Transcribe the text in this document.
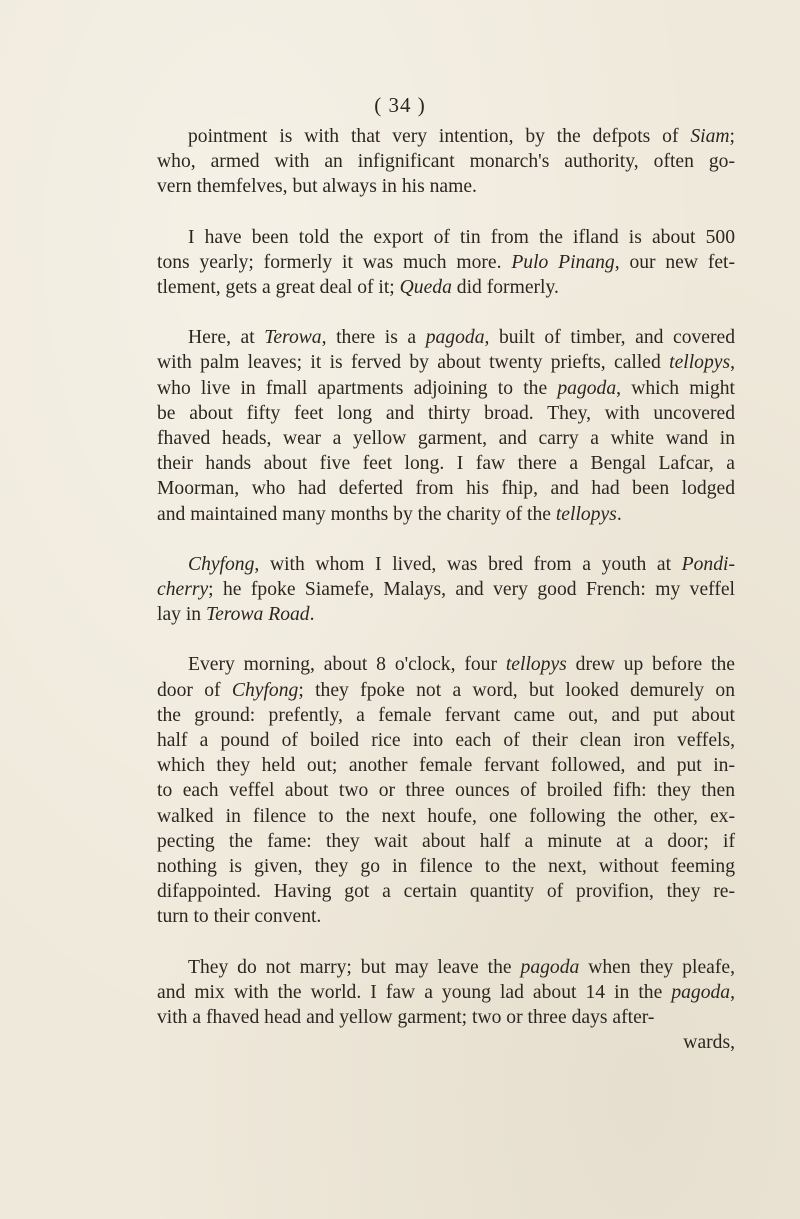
( 34 )
pointment is with that very intention, by the defpots of Siam;
who, armed with an infignificant monarch's authority, often go-
vern themfelves, but always in his name.
I have been told the export of tin from the ifland is about 500
tons yearly; formerly it was much more. Pulo Pinang, our new fet-
tlement, gets a great deal of it; Queda did formerly.
Here, at Terowa, there is a pagoda, built of timber, and covered
with palm leaves; it is ferved by about twenty priefts, called tellopys,
who live in fmall apartments adjoining to the pagoda, which might
be about fifty feet long and thirty broad. They, with uncovered
fhaved heads, wear a yellow garment, and carry a white wand in
their hands about five feet long. I faw there a Bengal Lafcar, a
Moorman, who had deferted from his fhip, and had been lodged
and maintained many months by the charity of the tellopys.
Chyfong, with whom I lived, was bred from a youth at Pondi-
cherry; he fpoke Siamefe, Malays, and very good French: my veffel
lay in Terowa Road.
Every morning, about 8 o'clock, four tellopys drew up before the
door of Chyfong; they fpoke not a word, but looked demurely on
the ground: prefently, a female fervant came out, and put about
half a pound of boiled rice into each of their clean iron veffels,
which they held out; another female fervant followed, and put in-
to each veffel about two or three ounces of broiled fifh: they then
walked in filence to the next houfe, one following the other, ex-
pecting the fame: they wait about half a minute at a door; if
nothing is given, they go in filence to the next, without feeming
difappointed. Having got a certain quantity of provifion, they re-
turn to their convent.
They do not marry; but may leave the pagoda when they pleafe,
and mix with the world. I faw a young lad about 14 in the pagoda,
vith a fhaved head and yellow garment; two or three days after-
wards,
